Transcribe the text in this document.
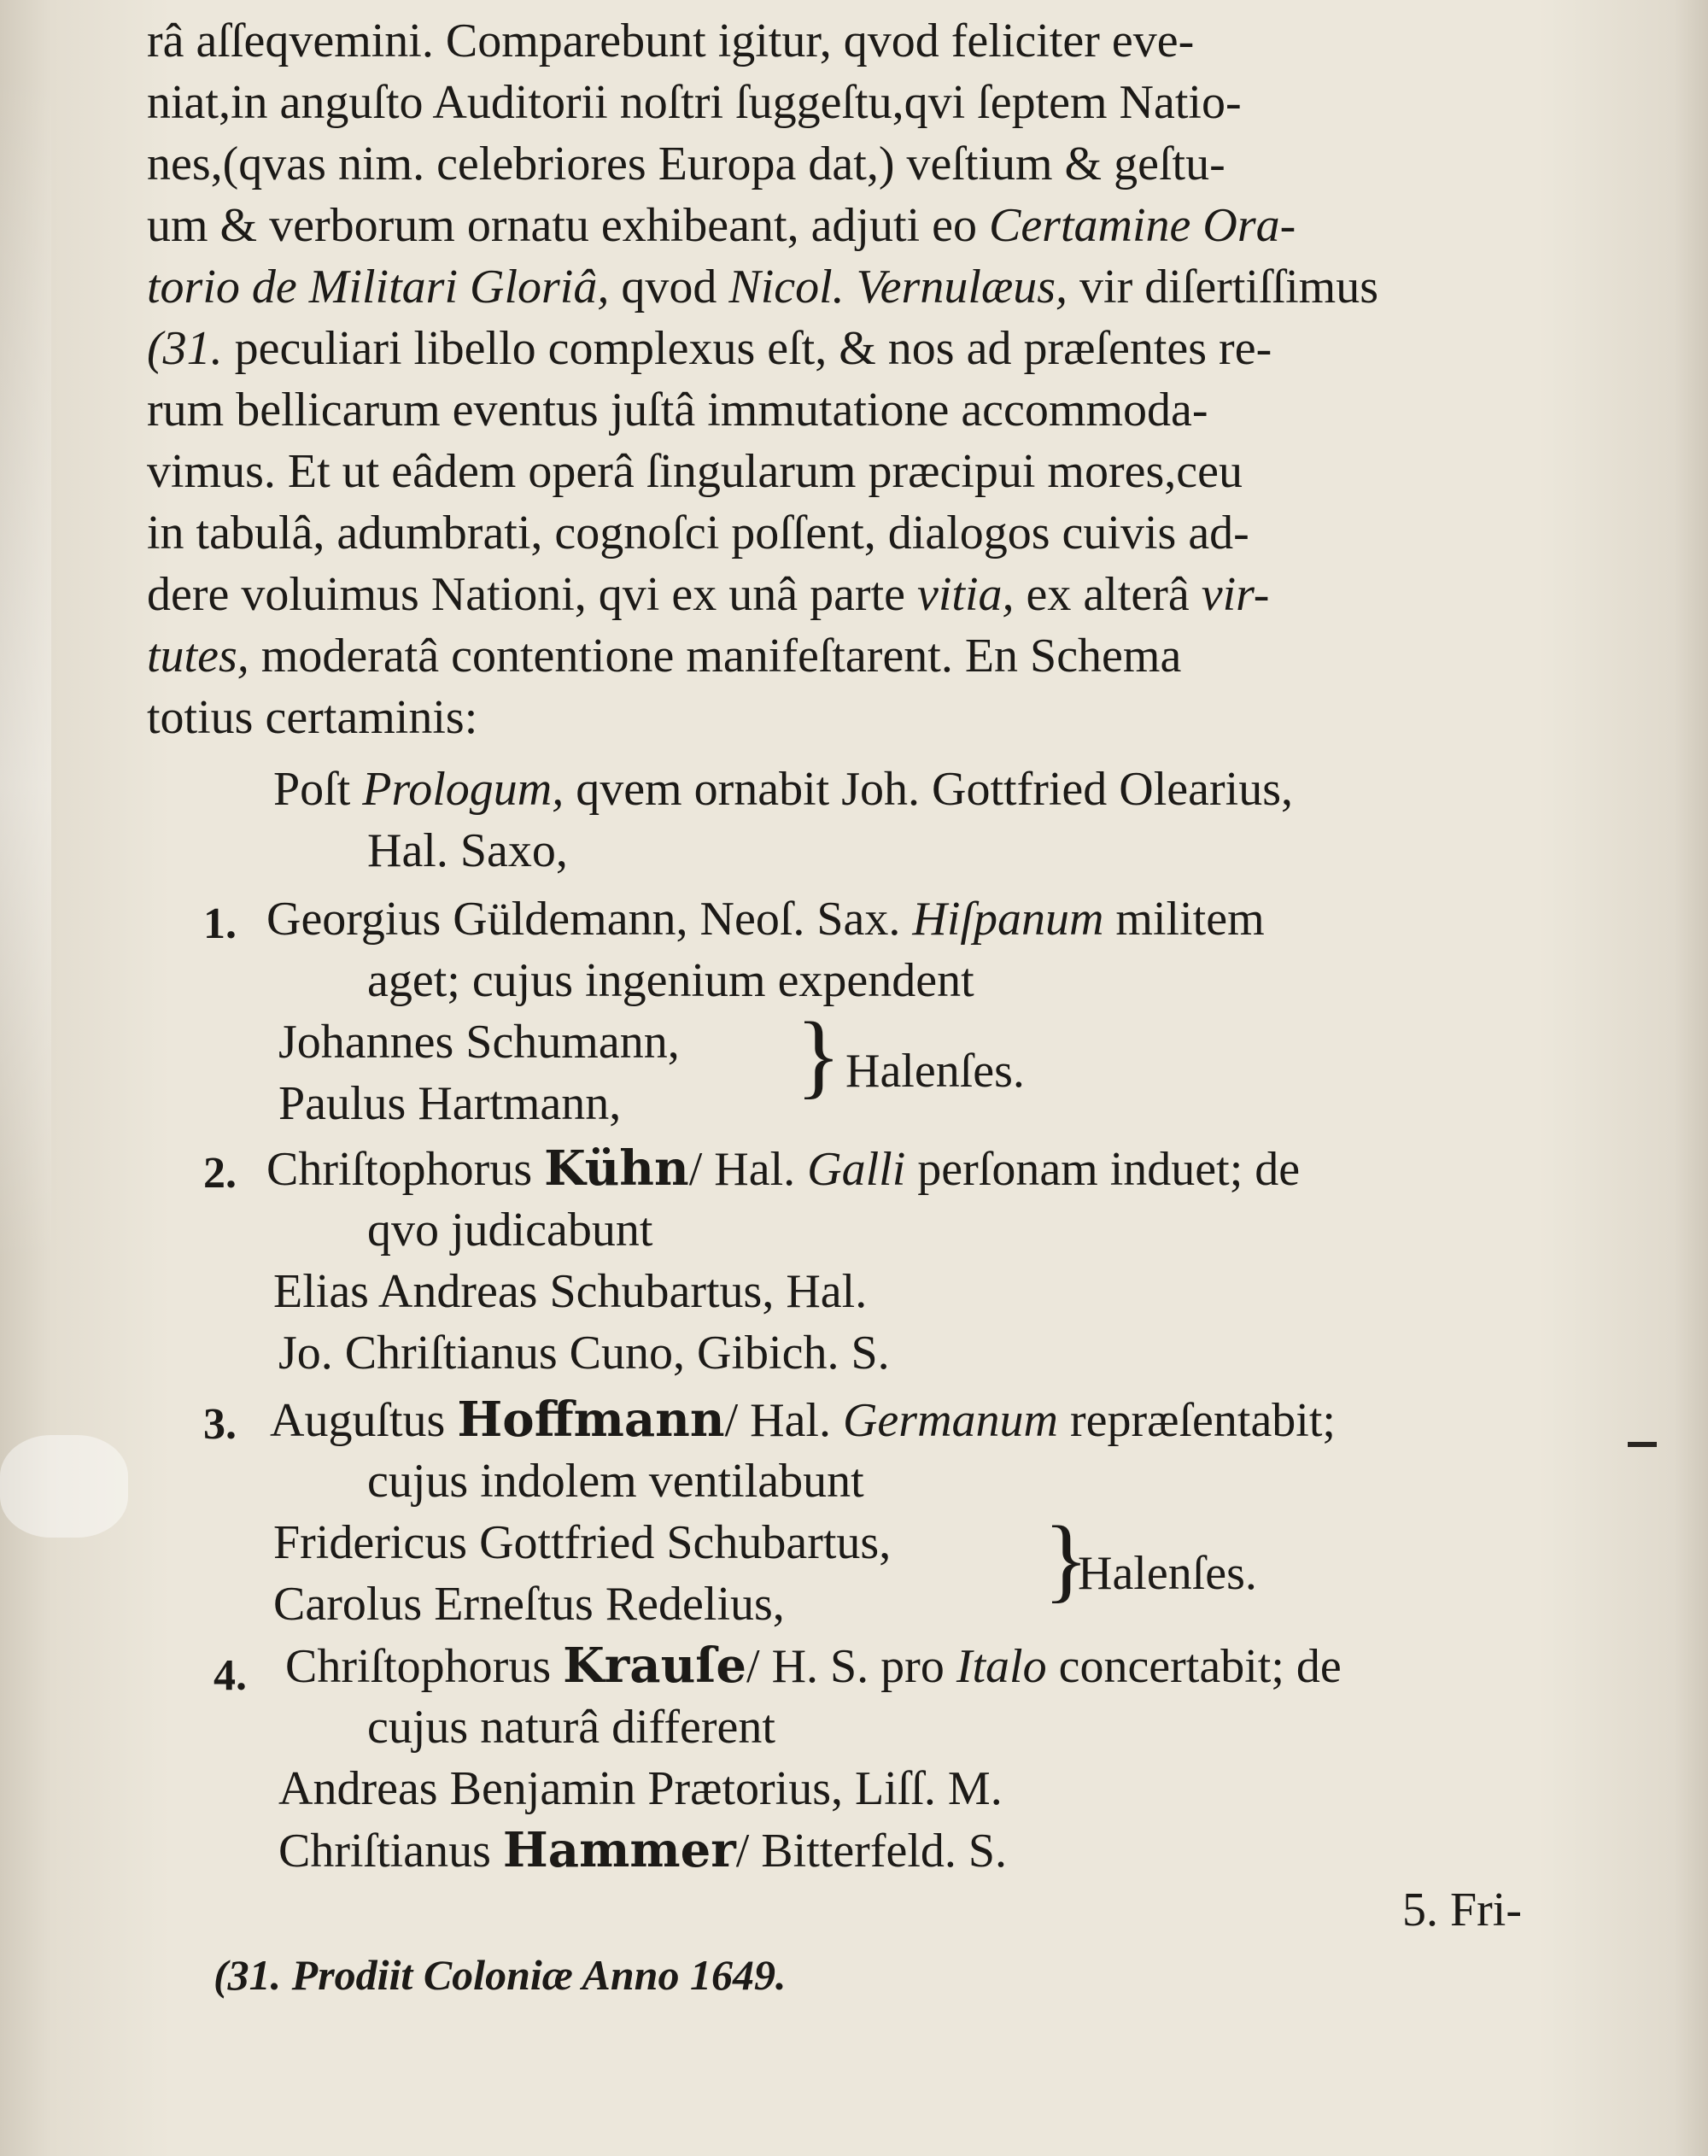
râ aſſeqvemini. Comparebunt igitur, qvod feliciter eve-
niat,in anguſto Auditorii noſtri ſuggeſtu,qvi ſeptem Natio-
nes,(qvas nim. celebriores Europa dat,) veſtium & geſtu-
um & verborum ornatu exhibeant, adjuti eo Certamine Ora-
torio de Militari Gloriâ, qvod Nicol. Vernulæus, vir diſertiſſimus
(31. peculiari libello complexus eſt, & nos ad præſentes re-
rum bellicarum eventus juſtâ immutatione accommoda-
vimus. Et ut eâdem operâ ſingularum præcipui mores,ceu
in tabulâ, adumbrati, cognoſci poſſent, dialogos cuivis ad-
dere voluimus Nationi, qvi ex unâ parte vitia, ex alterâ vir-
tutes, moderatâ contentione manifeſtarent. En Schema
totius certaminis:
Poſt Prologum, qvem ornabit Joh. Gottfried Olearius,
Hal. Saxo,
1. Georgius Güldemann, Neoſ. Sax. Hiſpanum militem
aget; cujus ingenium expendent
Johannes Schumann,
Paulus Hartmann, } Halenſes.
2. Chriſtophorus Kühn/ Hal. Galli perſonam induet; de
qvo judicabunt
Elias Andreas Schubartus, Hal.
Jo. Chriſtianus Cuno, Gibich. S.
3. Auguſtus Hoffmann/ Hal. Germanum repræſentabit;
cujus indolem ventilabunt
Fridericus Gottfried Schubartus,
Carolus Erneſtus Redelius,	}
Halenſes.
4. Chriſtophorus Krauſe/ H. S. pro Italo concertabit; de
cujus naturâ different
Andreas Benjamin Prætorius, Liſſ. M.
Chriſtianus Hammer/ Bitterfeld. S.
5. Fri-
(31. Prodiit Coloniæ Anno 1649.
